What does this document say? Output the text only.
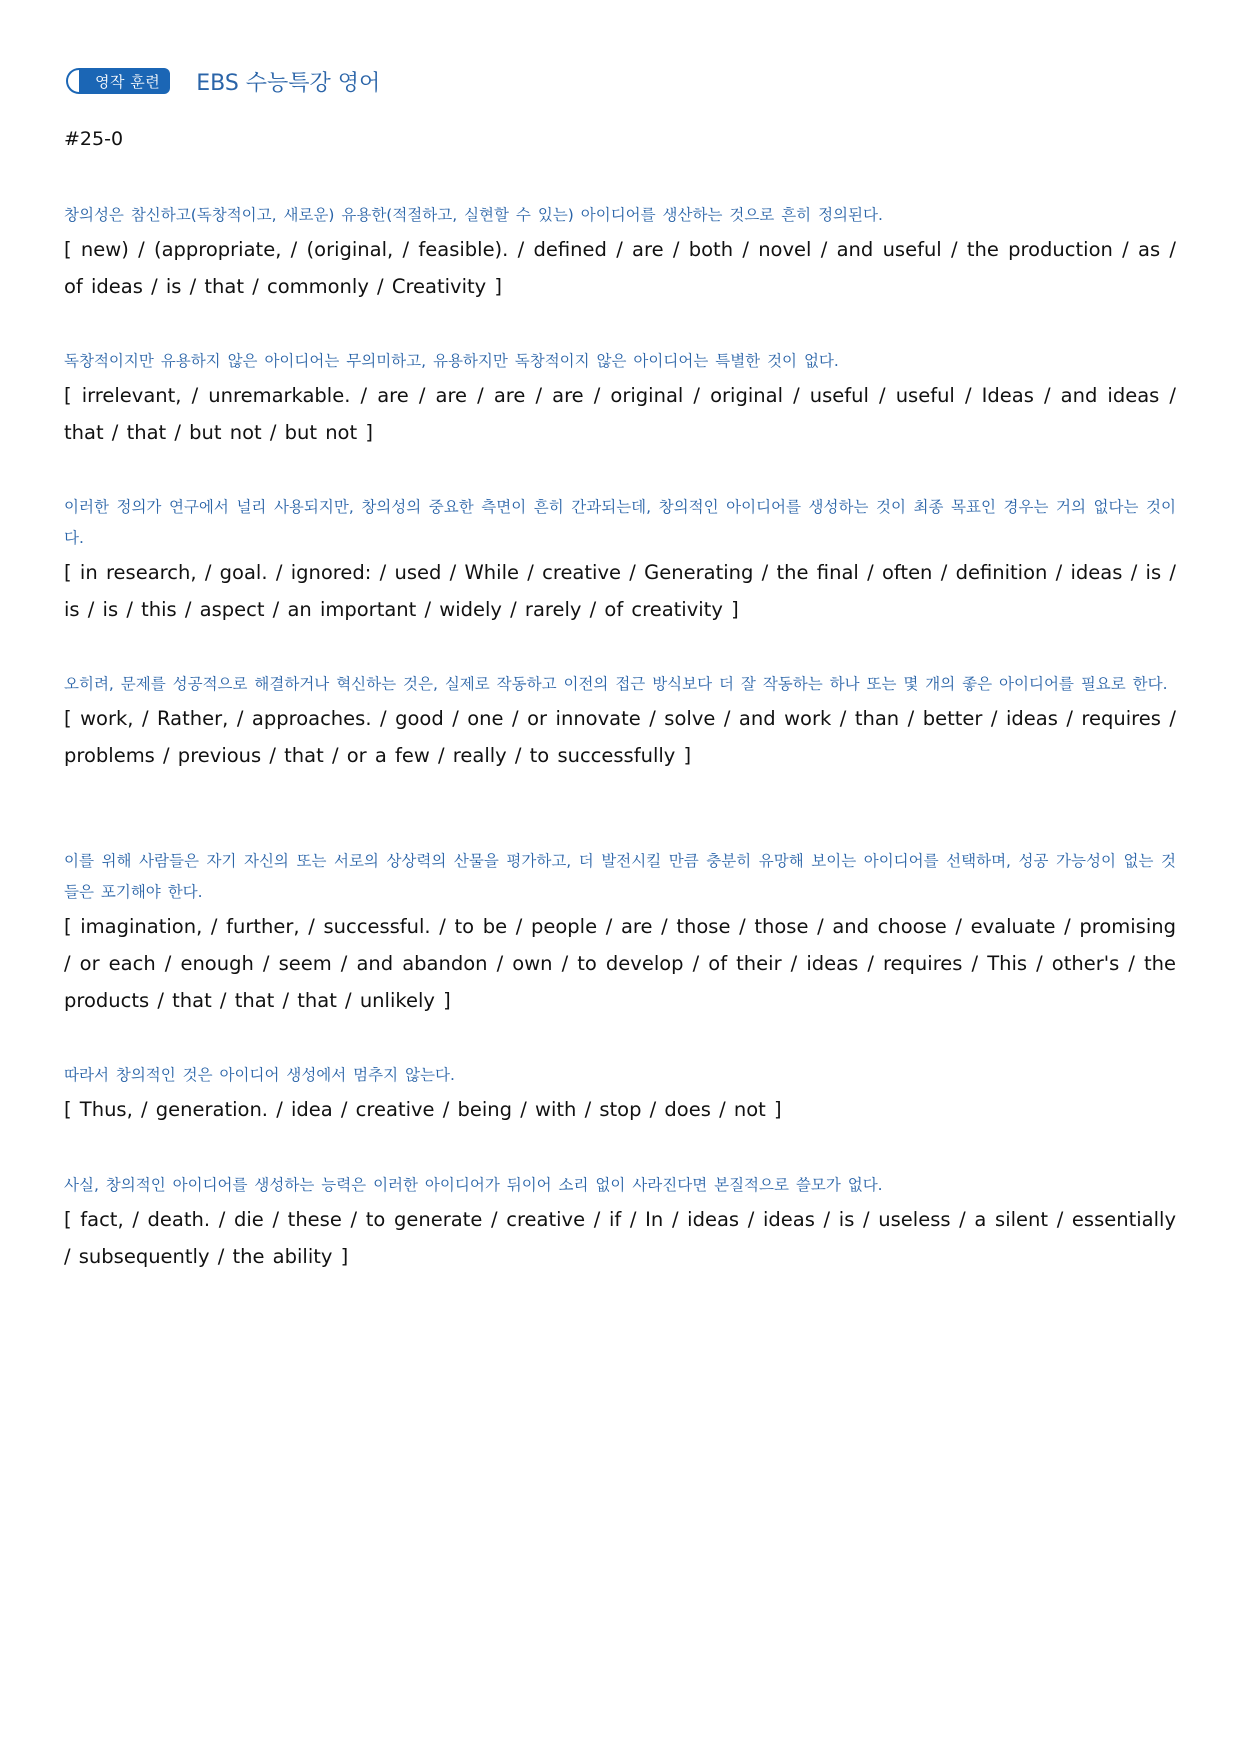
영작 훈련 EBS 수능특강 영어
#25-0
창의성은 참신하고(독창적이고, 새로운) 유용한(적절하고, 실현할 수 있는) 아이디어를 생산하는 것으로 흔히 정의된다.
[ new) / (appropriate, / (original, / feasible). / defined / are / both / novel / and useful / the production / as / of ideas / is / that / commonly / Creativity ]
독창적이지만 유용하지 않은 아이디어는 무의미하고, 유용하지만 독창적이지 않은 아이디어는 특별한 것이 없다.
[ irrelevant, / unremarkable. / are / are / are / are / original / original / useful / useful / Ideas / and ideas / that / that / but not / but not ]
이러한 정의가 연구에서 널리 사용되지만, 창의성의 중요한 측면이 흔히 간과되는데, 창의적인 아이디어를 생성하는 것이 최종 목표인 경우는 거의 없다는 것이다.
[ in research, / goal. / ignored: / used / While / creative / Generating / the final / often / definition / ideas / is / is / is / this / aspect / an important / widely / rarely / of creativity ]
오히려, 문제를 성공적으로 해결하거나 혁신하는 것은, 실제로 작동하고 이전의 접근 방식보다 더 잘 작동하는 하나 또는 몇 개의 좋은 아이디어를 필요로 한다.
[ work, / Rather, / approaches. / good / one / or innovate / solve / and work / than / better / ideas / requires / problems / previous / that / or a few / really / to successfully ]
이를 위해 사람들은 자기 자신의 또는 서로의 상상력의 산물을 평가하고, 더 발전시킬 만큼 충분히 유망해 보이는 아이디어를 선택하며, 성공 가능성이 없는 것들은 포기해야 한다.
[ imagination, / further, / successful. / to be / people / are / those / those / and choose / evaluate / promising / or each / enough / seem / and abandon / own / to develop / of their / ideas / requires / This / other's / the products / that / that / that / unlikely ]
따라서 창의적인 것은 아이디어 생성에서 멈추지 않는다.
[ Thus, / generation. / idea / creative / being / with / stop / does / not ]
사실, 창의적인 아이디어를 생성하는 능력은 이러한 아이디어가 뒤이어 소리 없이 사라진다면 본질적으로 쓸모가 없다.
[ fact, / death. / die / these / to generate / creative / if / In / ideas / ideas / is / useless / a silent / essentially / subsequently / the ability ]
